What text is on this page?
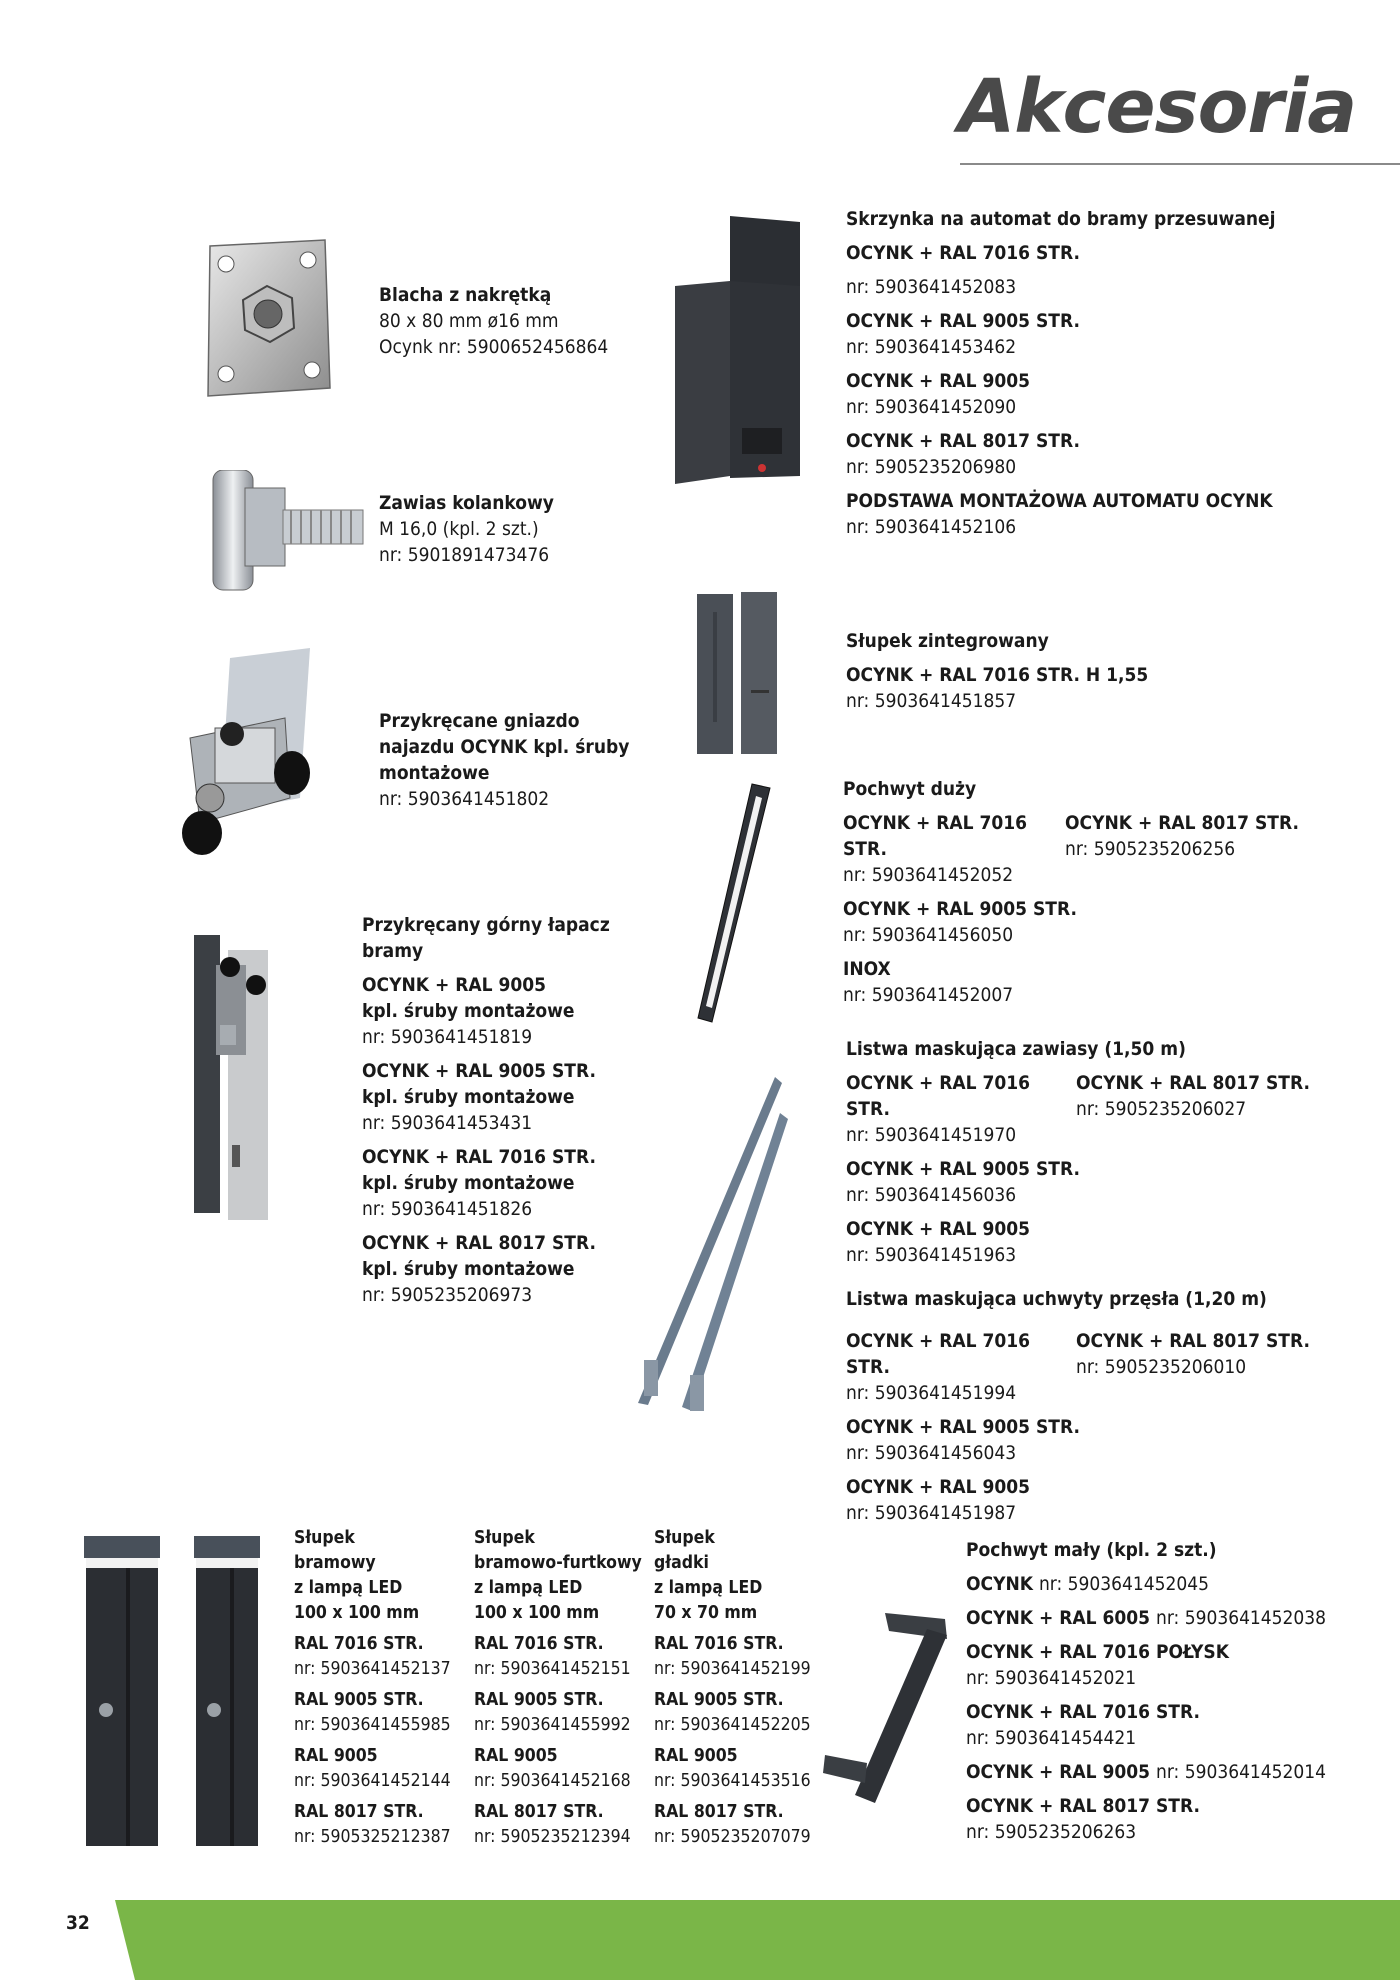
Akcesoria
Blacha z nakrętką
80 x 80 mm ø16 mm
Ocynk nr: 5900652456864
Zawias kolankowy
M 16,0 (kpl. 2 szt.)
nr: 5901891473476
Przykręcane gniazdo najazdu OCYNK kpl. śruby montażowe
nr: 5903641451802
Przykręcany górny łapacz bramy
OCYNK + RAL 9005
kpl. śruby montażowe
nr: 5903641451819
OCYNK + RAL 9005 STR.
kpl. śruby montażowe
nr: 5903641453431
OCYNK + RAL 7016 STR.
kpl. śruby montażowe
nr: 5903641451826
OCYNK + RAL 8017 STR.
kpl. śruby montażowe
nr: 5905235206973
Skrzynka na automat do bramy przesuwanej
OCYNK + RAL 7016 STR.
nr: 5903641452083
OCYNK + RAL 9005 STR.
nr: 5903641453462
OCYNK + RAL 9005
nr: 5903641452090
OCYNK + RAL 8017 STR.
nr: 5905235206980
PODSTAWA MONTAŻOWA AUTOMATU OCYNK
nr: 5903641452106
Słupek zintegrowany
OCYNK + RAL 7016 STR. H 1,55
nr: 5903641451857
Pochwyt duży
OCYNK + RAL 7016 STR.
nr: 5903641452052
OCYNK + RAL 8017 STR.
nr: 5905235206256
OCYNK + RAL 9005 STR.
nr: 5903641456050
INOX
nr: 5903641452007
Listwa maskująca zawiasy (1,50 m)
OCYNK + RAL 7016 STR.
nr: 5903641451970
OCYNK + RAL 8017 STR.
nr: 5905235206027
OCYNK + RAL 9005 STR.
nr: 5903641456036
OCYNK + RAL 9005
nr: 5903641451963
Listwa maskująca uchwyty przęsła (1,20 m)
OCYNK + RAL 7016 STR.
nr: 5903641451994
OCYNK + RAL 8017 STR.
nr: 5905235206010
OCYNK + RAL 9005 STR.
nr: 5903641456043
OCYNK + RAL 9005
nr: 5903641451987
Pochwyt mały (kpl. 2 szt.)
OCYNK nr: 5903641452045
OCYNK + RAL 6005 nr: 5903641452038
OCYNK + RAL 7016 POŁYSK
nr: 5903641452021
OCYNK + RAL 7016 STR.
nr: 5903641454421
OCYNK + RAL 9005 nr: 5903641452014
OCYNK + RAL 8017 STR.
nr: 5905235206263
Słupek
bramowy
z lampą LED
100 x 100 mm
RAL 7016 STR.
nr: 5903641452137
RAL 9005 STR.
nr: 5903641455985
RAL 9005
nr: 5903641452144
RAL 8017 STR.
nr: 5905325212387
Słupek
bramowo-furtkowy
z lampą LED
100 x 100 mm
RAL 7016 STR.
nr: 5903641452151
RAL 9005 STR.
nr: 5903641455992
RAL 9005
nr: 5903641452168
RAL 8017 STR.
nr: 5905235212394
Słupek
gładki
z lampą LED
70 x 70 mm
RAL 7016 STR.
nr: 5903641452199
RAL 9005 STR.
nr: 5903641452205
RAL 9005
nr: 5903641453516
RAL 8017 STR.
nr: 5905235207079
32
